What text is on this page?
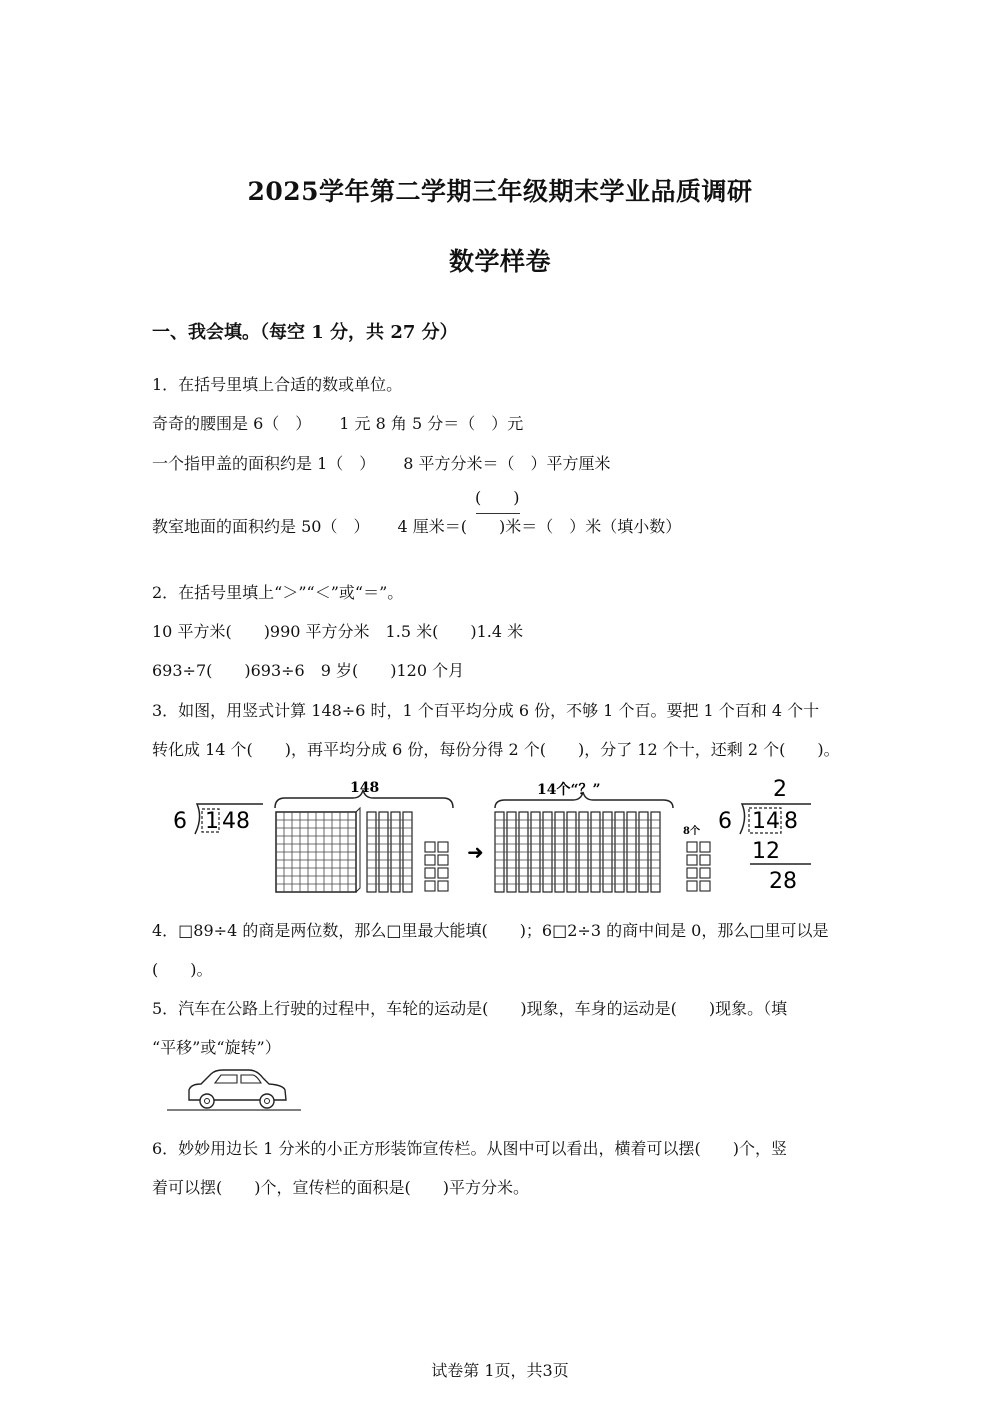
2025学年第二学期三年级期末学业品质调研
数学样卷
一、我会填。（每空 1 分，共 27 分）
1．在括号里填上合适的数或单位。
奇奇的腰围是 6（　） 1 元 8 角 5 分＝（　）元
一个指甲盖的面积约是 1（　） 8 平方分米＝（　）平方厘米
(　　)
教室地面的面积约是 50（　） 4 厘米＝(　　)米＝（　）米（填小数）
2．在括号里填上“＞”“＜”或“＝”。
10 平方米(　　)990 平方分米　1.5 米(　　)1.4 米
693÷7(　　)693÷6　9 岁(　　)120 个月
3．如图，用竖式计算 148÷6 时，1 个百平均分成 6 份，不够 1 个百。要把 1 个百和 4 个十
转化成 14 个(　　)，再平均分成 6 份，每份分得 2 个(　　)，分了 12 个十，还剩 2 个(　　)。
6 1 48
148
➜
14个“？”
8个
2
6 14 8
12
28
4．□89÷4 的商是两位数，那么□里最大能填(　　)；6□2÷3 的商中间是 0，那么□里可以是
(　　)。
5．汽车在公路上行驶的过程中，车轮的运动是(　　)现象，车身的运动是(　　)现象。（填
“平移”或“旋转”）
6．妙妙用边长 1 分米的小正方形装饰宣传栏。从图中可以看出，横着可以摆(　　)个，竖
着可以摆(　　)个，宣传栏的面积是(　　)平方分米。
试卷第 1页，共3页
